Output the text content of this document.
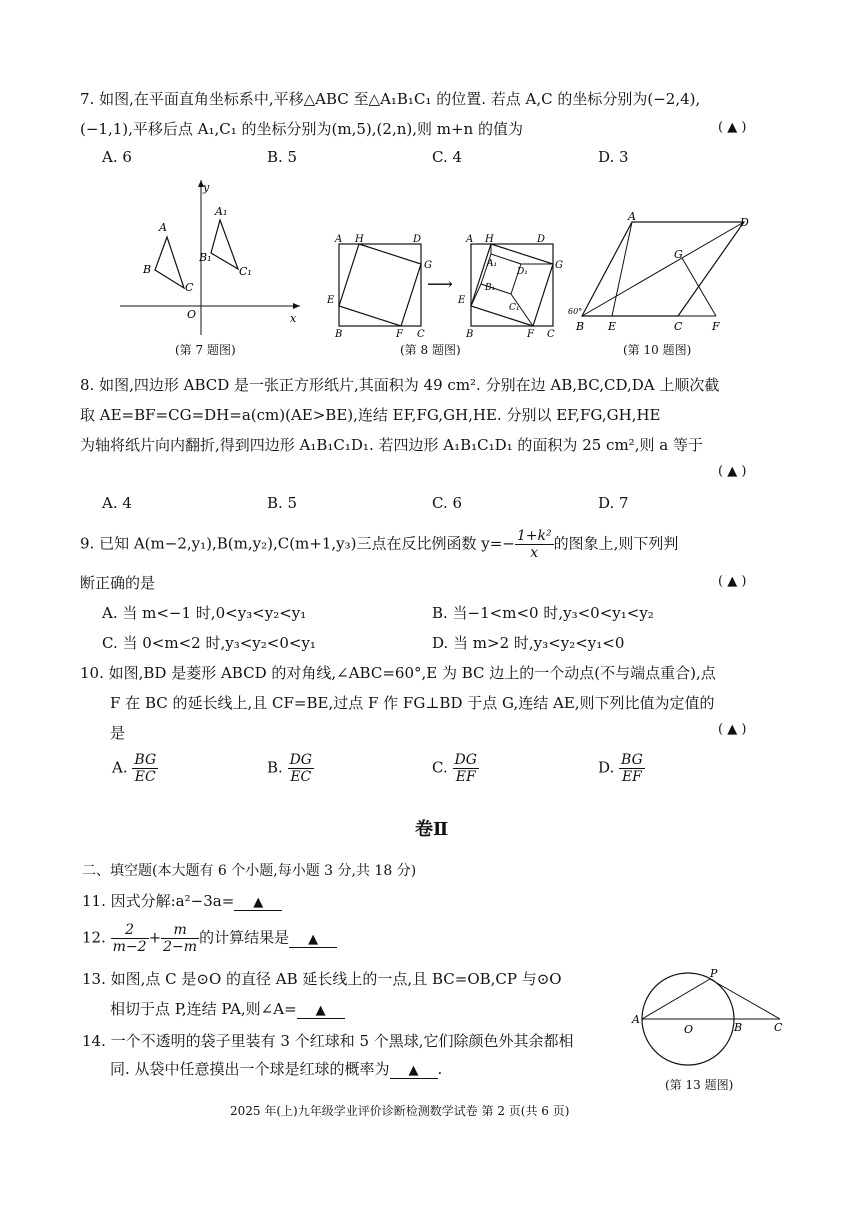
7. 如图,在平面直角坐标系中,平移△ABC 至△A₁B₁C₁ 的位置. 若点 A,C 的坐标分别为(−2,4),
(−1,1),平移后点 A₁,C₁ 的坐标分别为(m,5),(2,n),则 m+n 的值为	( ▲ )
A. 6	B. 5	C. 4	D. 3
y
x
O
A
B
C
A₁
B₁
C₁
(第 7 题图)
A H	D
G
E
B	F C
⟶
A H	D
G
E
B	F C
A₁
B₁
C₁
D₁
(第 8 题图)
A	D
G
B E	C	F
60°
(第 10 题图)
8. 如图,四边形 ABCD 是一张正方形纸片,其面积为 49 cm². 分别在边 AB,BC,CD,DA 上顺次截
取 AE=BF=CG=DH=a(cm)(AE>BE),连结 EF,FG,GH,HE. 分别以 EF,FG,GH,HE
为轴将纸片向内翻折,得到四边形 A₁B₁C₁D₁. 若四边形 A₁B₁C₁D₁ 的面积为 25 cm²,则 a 等于
( ▲ )
A. 4	B. 5	C. 6	D. 7
9. 已知 A(m−2,y₁),B(m,y₂),C(m+1,y₃)三点在反比例函数 $y=- \frac{\text{1+k²}}{x}$ 的图象上,则下列判
断正确的是	( ▲ )
A. 当 m<−1 时,0<y₃<y₂<y₁	B. 当−1<m<0 时,y₃<0<y₁<y₂
C. 当 0<m<2 时,y₃<y₂<0<y₁	D. 当 m>2 时,y₃<y₂<y₁<0
10. 如图,BD 是菱形 ABCD 的对角线,∠ABC=60°,E 为 BC 边上的一个动点(不与端点重合),点
F 在 BC 的延长线上,且 CF=BE,过点 F 作 FG⊥BD 于点 G,连结 AE,则下列比值为定值的
是	( ▲ )
A. $\frac{BG}{EC}$	B. $\frac{DG}{EC}$	C. $\frac{DG}{EF}$	D. $\frac{BG}{EF}$
卷Ⅱ
二、填空题(本大题有 6 个小题,每小题 3 分,共 18 分)
11. 因式分解:a²−3a= ▲
12. $\frac{2}{m-2} + \frac{m}{2-m}$ 的计算结果是 ▲
13. 如图,点 C 是⊙O 的直径 AB 延长线上的一点,且 BC=OB,CP 与⊙O
相切于点 P,连结 PA,则∠A= ▲
14. 一个不透明的袋子里装有 3 个红球和 5 个黑球,它们除颜色外其余都相
同. 从袋中任意摸出一个球是红球的概率为 ▲ .
P
A
O	B	C
(第 13 题图)
2025 年(上)九年级学业评价诊断检测数学试卷 第 2 页(共 6 页)
